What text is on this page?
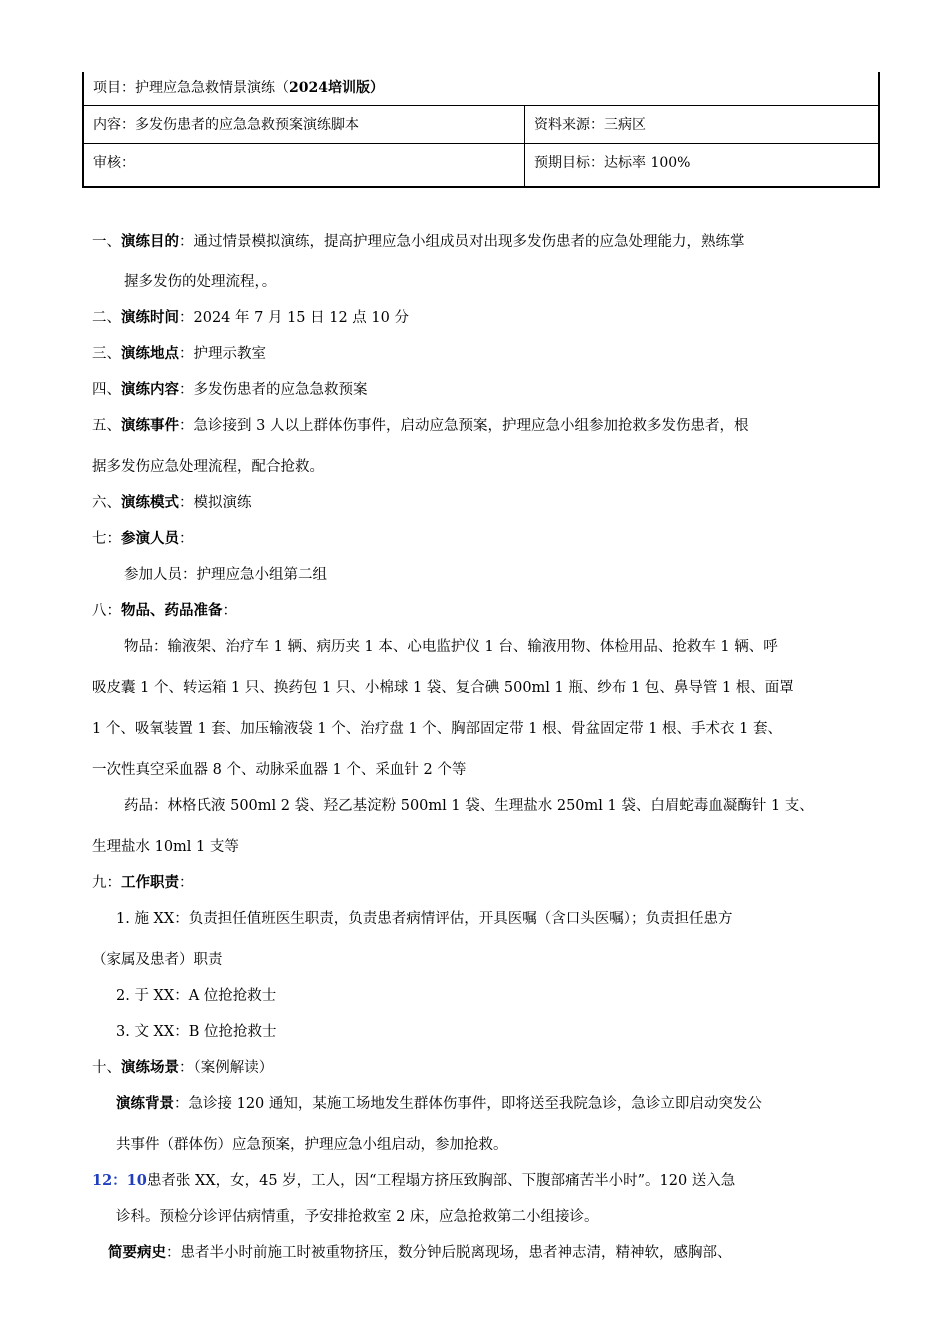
项目：护理应急急救情景演练（2024培训版）
内容：多发伤患者的应急急救预案演练脚本	资料来源：三病区
审核：	预期目标：达标率 100%
一、演练目的：通过情景模拟演练，提高护理应急小组成员对出现多发伤患者的应急处理能力，熟练掌
握多发伤的处理流程，。
二、演练时间：2024 年 7 月 15 日 12 点 10 分
三、演练地点：护理示教室
四、演练内容：多发伤患者的应急急救预案
五、演练事件：急诊接到 3 人以上群体伤事件，启动应急预案，护理应急小组参加抢救多发伤患者，根
据多发伤应急处理流程，配合抢救。
六、演练模式：模拟演练
七：参演人员：
参加人员：护理应急小组第二组
八：物品、药品准备：
物品：输液架、治疗车 1 辆、病历夹 1 本、心电监护仪 1 台、输液用物、体检用品、抢救车 1 辆、呼
吸皮囊 1 个、转运箱 1 只、换药包 1 只、小棉球 1 袋、复合碘 500ml 1 瓶、纱布 1 包、鼻导管 1 根、面罩
1 个、吸氧装置 1 套、加压输液袋 1 个、治疗盘 1 个、胸部固定带 1 根、骨盆固定带 1 根、手术衣 1 套、
一次性真空采血器 8 个、动脉采血器 1 个、采血针 2 个等
药品：林格氏液 500ml 2 袋、羟乙基淀粉 500ml 1 袋、生理盐水 250ml 1 袋、白眉蛇毒血凝酶针 1 支、
生理盐水 10ml 1 支等
九：工作职责：
1. 施 XX：负责担任值班医生职责，负责患者病情评估，开具医嘱（含口头医嘱）；负责担任患方
（家属及患者）职责
2. 于 XX：A 位抢抢救士
3. 文 XX：B 位抢抢救士
十、演练场景：（案例解读）
演练背景：急诊接 120 通知，某施工场地发生群体伤事件，即将送至我院急诊，急诊立即启动突发公
共事件（群体伤）应急预案，护理应急小组启动，参加抢救。
12：10患者张 XX，女，45 岁，工人，因“工程塌方挤压致胸部、下腹部痛苦半小时”。120 送入急
诊科。预检分诊评估病情重，予安排抢救室 2 床，应急抢救第二小组接诊。
简要病史：患者半小时前施工时被重物挤压，数分钟后脱离现场，患者神志清，精神软，感胸部、
